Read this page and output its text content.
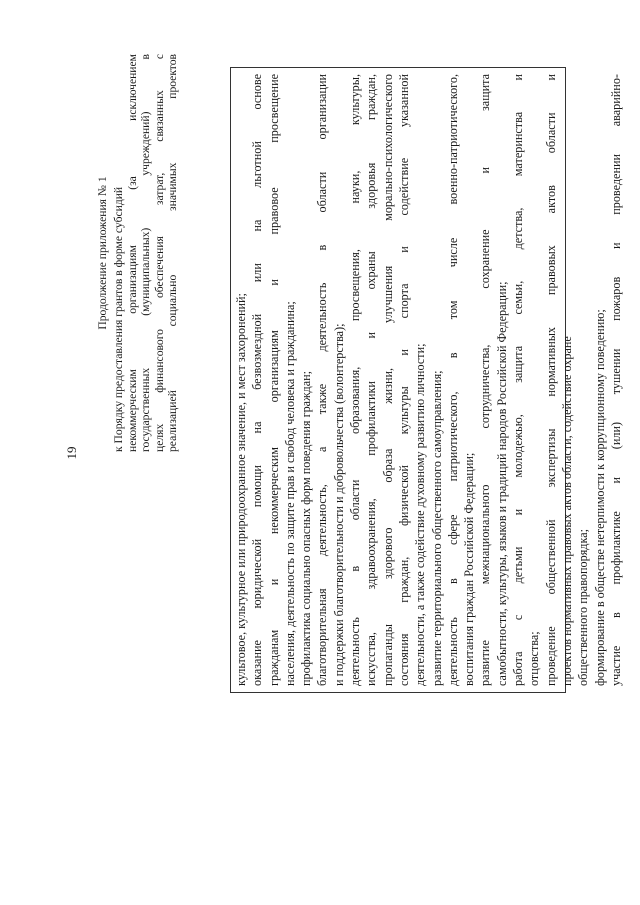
19
Продолжение приложения № 1 к Порядку предоставления грантов в форме субсидий некоммерческим организациям (за исключением государственных (муниципальных) учреждений) в целях финансового обеспечения затрат, связанных с реализацией социально значимых проектов
культовое, культурное или природоохранное значение, и мест захоронений; оказание юридической помощи на безвозмездной или на льготной основе гражданам и некоммерческим организациям и правовое просвещение населения, деятельность по защите прав и свобод человека и гражданина; профилактика социально опасных форм поведения граждан; благотворительная деятельность, а также деятельность в области организации и поддержки благотворительности и добровольчества (волонтерства); деятельность в области образования, просвещения, науки, культуры, искусства, здравоохранения, профилактики и охраны здоровья граждан, пропаганды здорового образа жизни, улучшения морально-психологического состояния граждан, физической культуры и спорта и содействие указанной деятельности, а также содействие духовному развитию личности; развитие территориального общественного самоуправления; деятельность в сфере патриотического, в том числе военно-патриотического, воспитания граждан Российской Федерации; развитие межнационального сотрудничества, сохранение и защита самобытности, культуры, языков и традиций народов Российской Федерации; работа с детьми и молодежью, защита семьи, детства, материнства и отцовства; проведение общественной экспертизы нормативных правовых актов области и проектов нормативных правовых актов области, содействие охране общественного правопорядка; формирование в обществе нетерпимости к коррупционному поведению; участие в профилактике и (или) тушении пожаров и проведении аварийно-
